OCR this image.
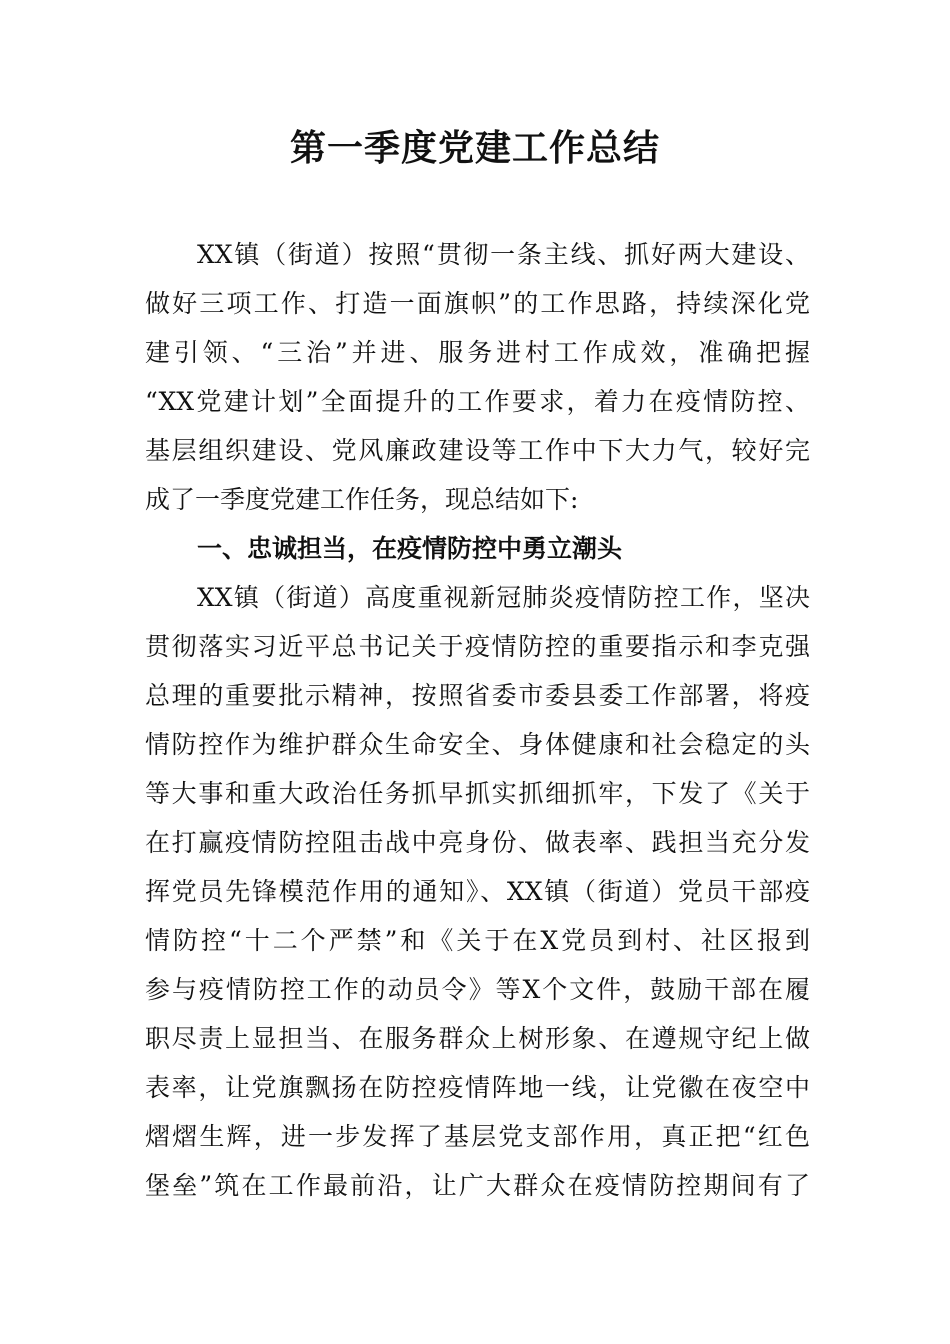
第一季度党建工作总结
XX镇（街道）按照“贯彻一条主线、抓好两大建设、
做好三项工作、打造一面旗帜”的工作思路，持续深化党
建引领、“三治”并进、服务进村工作成效，准确把握
“XX党建计划”全面提升的工作要求，着力在疫情防控、
基层组织建设、党风廉政建设等工作中下大力气，较好完
成了一季度党建工作任务，现总结如下:
一、忠诚担当，在疫情防控中勇立潮头
XX镇（街道）高度重视新冠肺炎疫情防控工作，坚决
贯彻落实习近平总书记关于疫情防控的重要指示和李克强
总理的重要批示精神，按照省委市委县委工作部署，将疫
情防控作为维护群众生命安全、身体健康和社会稳定的头
等大事和重大政治任务抓早抓实抓细抓牢，下发了《关于
在打赢疫情防控阻击战中亮身份、做表率、践担当充分发
挥党员先锋模范作用的通知》、XX镇（街道）党员干部疫
情防控“十二个严禁”和《关于在X党员到村、社区报到
参与疫情防控工作的动员令》等X个文件，鼓励干部在履
职尽责上显担当、在服务群众上树形象、在遵规守纪上做
表率，让党旗飘扬在防控疫情阵地一线，让党徽在夜空中
熠熠生辉，进一步发挥了基层党支部作用，真正把“红色
堡垒”筑在工作最前沿，让广大群众在疫情防控期间有了
